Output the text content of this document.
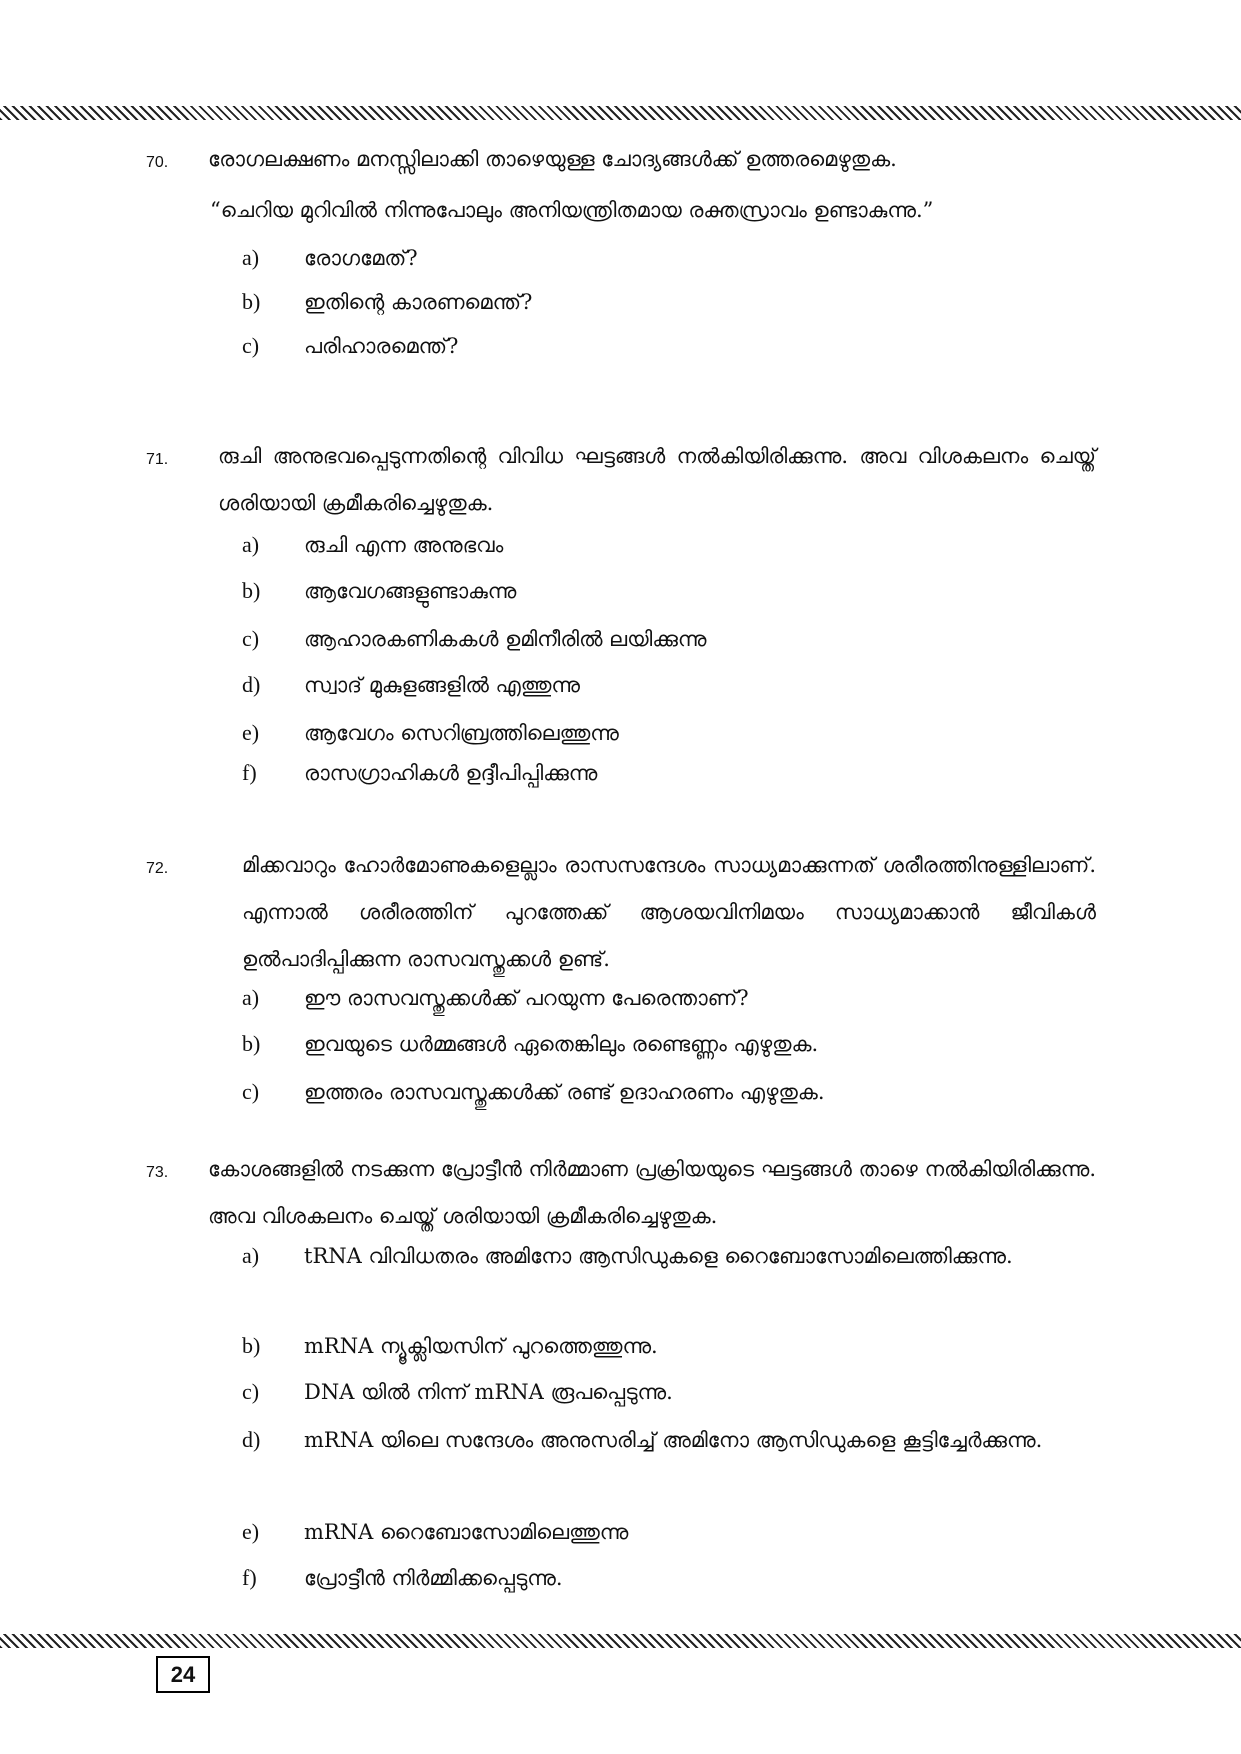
70. രോഗലക്ഷണം മനസ്സിലാക്കി താഴെയുള്ള ചോദ്യങ്ങൾക്ക് ഉത്തരമെഴുതുക.
“ചെറിയ മുറിവിൽ നിന്നുപോലും അനിയന്ത്രിതമായ രക്തസ്രാവം ഉണ്ടാകുന്നു.”
a) രോഗമേത്?
b) ഇതിന്റെ കാരണമെന്ത്?
c) പരിഹാരമെന്ത്?
71. രുചി അനുഭവപ്പെടുന്നതിന്റെ വിവിധ ഘട്ടങ്ങൾ നൽകിയിരിക്കുന്നു. അവ വിശകലനം ചെയ്ത് ശരിയായി ക്രമീകരിച്ചെഴുതുക.
a) രുചി എന്ന അനുഭവം
b) ആവേഗങ്ങളുണ്ടാകുന്നു
c) ആഹാരകണികകൾ ഉമിനീരിൽ ലയിക്കുന്നു
d) സ്വാദ് മുകുളങ്ങളിൽ എത്തുന്നു
e) ആവേഗം സെറിബ്രത്തിലെത്തുന്നു
f) രാസഗ്രാഹികൾ ഉദ്ദീപിപ്പിക്കുന്നു
72.	മിക്കവാറും ഹോർമോണുകളെല്ലാം രാസസന്ദേശം സാധ്യമാക്കുന്നത് ശരീരത്തിനുള്ളിലാണ്. എന്നാൽ ശരീരത്തിന് പുറത്തേക്ക് ആശയവിനിമയം സാധ്യമാക്കാൻ ജീവികൾ ഉൽപാദിപ്പിക്കുന്ന രാസവസ്തുക്കൾ ഉണ്ട്.
a) ഈ രാസവസ്തുക്കൾക്ക് പറയുന്ന പേരെന്താണ്?
b) ഇവയുടെ ധർമ്മങ്ങൾ ഏതെങ്കിലും രണ്ടെണ്ണം എഴുതുക.
c) ഇത്തരം രാസവസ്തുക്കൾക്ക് രണ്ട് ഉദാഹരണം എഴുതുക.
73. കോശങ്ങളിൽ നടക്കുന്ന പ്രോട്ടീൻ നിർമ്മാണ പ്രക്രിയയുടെ ഘട്ടങ്ങൾ താഴെ നൽകിയിരിക്കുന്നു. അവ വിശകലനം ചെയ്ത് ശരിയായി ക്രമീകരിച്ചെഴുതുക.
a) tRNA വിവിധതരം അമിനോ ആസിഡുകളെ റൈബോസോമിലെത്തിക്കുന്നു.
b) mRNA ന്യൂക്ലിയസിന് പുറത്തെത്തുന്നു.
c) DNA യിൽ നിന്ന് mRNA രൂപപ്പെടുന്നു.
d) mRNA യിലെ സന്ദേശം അനുസരിച്ച് അമിനോ ആസിഡുകളെ കൂട്ടിച്ചേർക്കുന്നു.
e) mRNA റൈബോസോമിലെത്തുന്നു
f) പ്രോട്ടീൻ നിർമ്മിക്കപ്പെടുന്നു.
24
